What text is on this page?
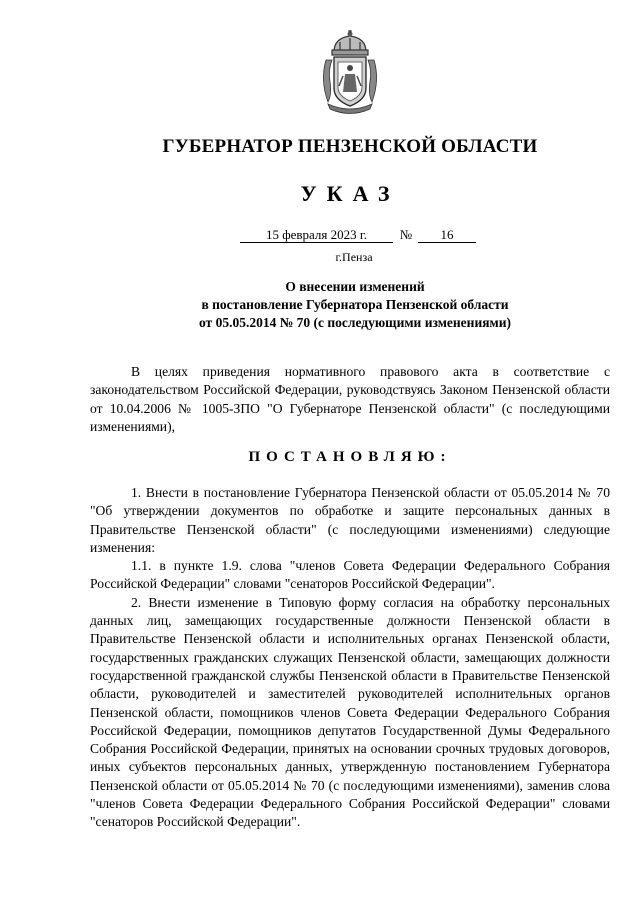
ГУБЕРНАТОР ПЕНЗЕНСКОЙ ОБЛАСТИ
УКАЗ
15 февраля 2023 г.	№	16
г.Пенза
О внесении изменений
в постановление Губернатора Пензенской области
от 05.05.2014 № 70 (с последующими изменениями)

В целях приведения нормативного правового акта в соответствие с законодательством Российской Федерации, руководствуясь Законом Пензенской области от 10.04.2006 № 1005-ЗПО "О Губернаторе Пензенской области" (с последующими изменениями),

ПОСТАНОВЛЯЮ:

1. Внести в постановление Губернатора Пензенской области от 05.05.2014 № 70 "Об утверждении документов по обработке и защите персональных данных в Правительстве Пензенской области" (с последующими изменениями) следующие изменения:

1.1. в пункте 1.9. слова "членов Совета Федерации Федерального Собрания Российской Федерации" словами "сенаторов Российской Федерации".

2. Внести изменение в Типовую форму согласия на обработку персональных данных лиц, замещающих государственные должности Пензенской области в Правительстве Пензенской области и исполнительных органах Пензенской области, государственных гражданских служащих Пензенской области, замещающих должности государственной гражданской службы Пензенской области в Правительстве Пензенской области, руководителей и заместителей руководителей исполнительных органов Пензенской области, помощников членов Совета Федерации Федерального Собрания Российской Федерации, помощников депутатов Государственной Думы Федерального Собрания Российской Федерации, принятых на основании срочных трудовых договоров, иных субъектов персональных данных, утвержденную постановлением Губернатора Пензенской области от 05.05.2014 № 70 (с последующими изменениями), заменив слова "членов Совета Федерации Федерального Собрания Российской Федерации" словами "сенаторов Российской Федерации".
